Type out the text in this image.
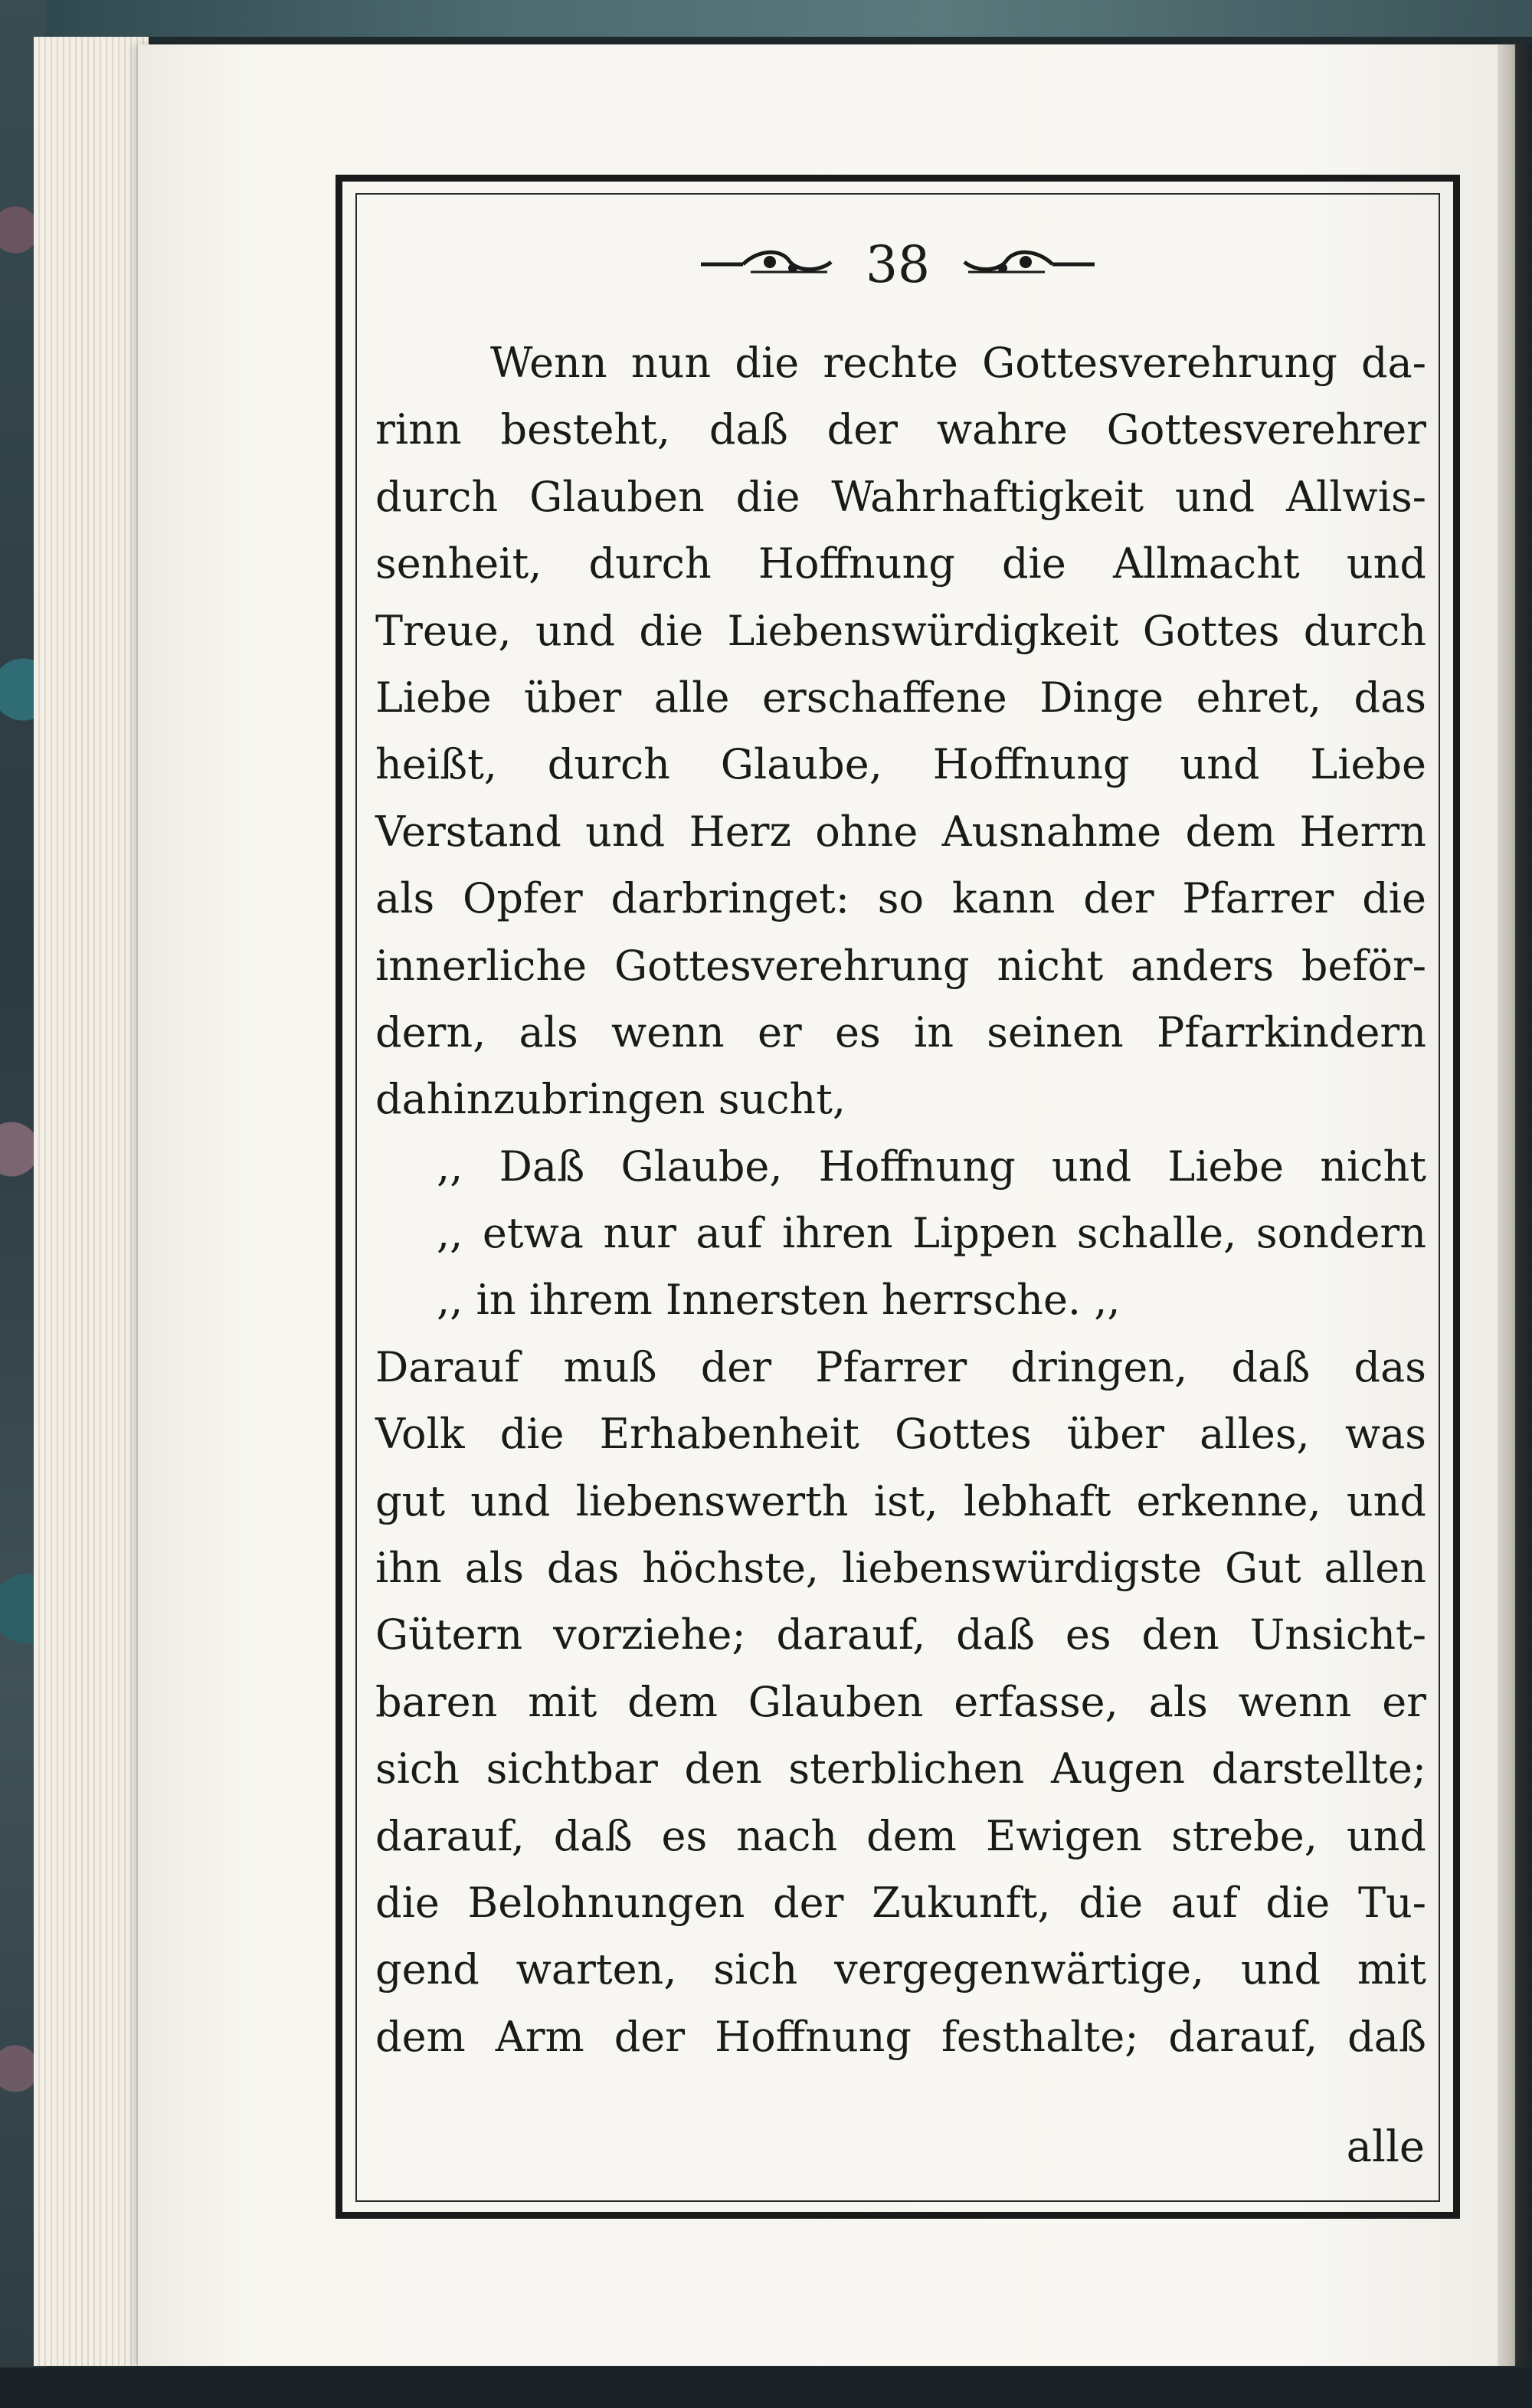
38
Wenn nun die rechte Gottesverehrung da-
rinn besteht, daß der wahre Gottesverehrer
durch Glauben die Wahrhaftigkeit und Allwis-
senheit, durch Hoffnung die Allmacht und
Treue, und die Liebenswürdigkeit Gottes durch
Liebe über alle erschaffene Dinge ehret, das
heißt, durch Glaube, Hoffnung und Liebe
Verstand und Herz ohne Ausnahme dem Herrn
als Opfer darbringet: so kann der Pfarrer die
innerliche Gottesverehrung nicht anders beför-
dern, als wenn er es in seinen Pfarrkindern
dahinzubringen sucht,
,, Daß Glaube, Hoffnung und Liebe nicht
,, etwa nur auf ihren Lippen schalle, sondern
,, in ihrem Innersten herrsche. ,,
Darauf muß der Pfarrer dringen, daß das
Volk die Erhabenheit Gottes über alles, was
gut und liebenswerth ist, lebhaft erkenne, und
ihn als das höchste, liebenswürdigste Gut allen
Gütern vorziehe; darauf, daß es den Unsicht-
baren mit dem Glauben erfasse, als wenn er
sich sichtbar den sterblichen Augen darstellte;
darauf, daß es nach dem Ewigen strebe, und
die Belohnungen der Zukunft, die auf die Tu-
gend warten, sich vergegenwärtige, und mit
dem Arm der Hoffnung festhalte; darauf, daß
alle
